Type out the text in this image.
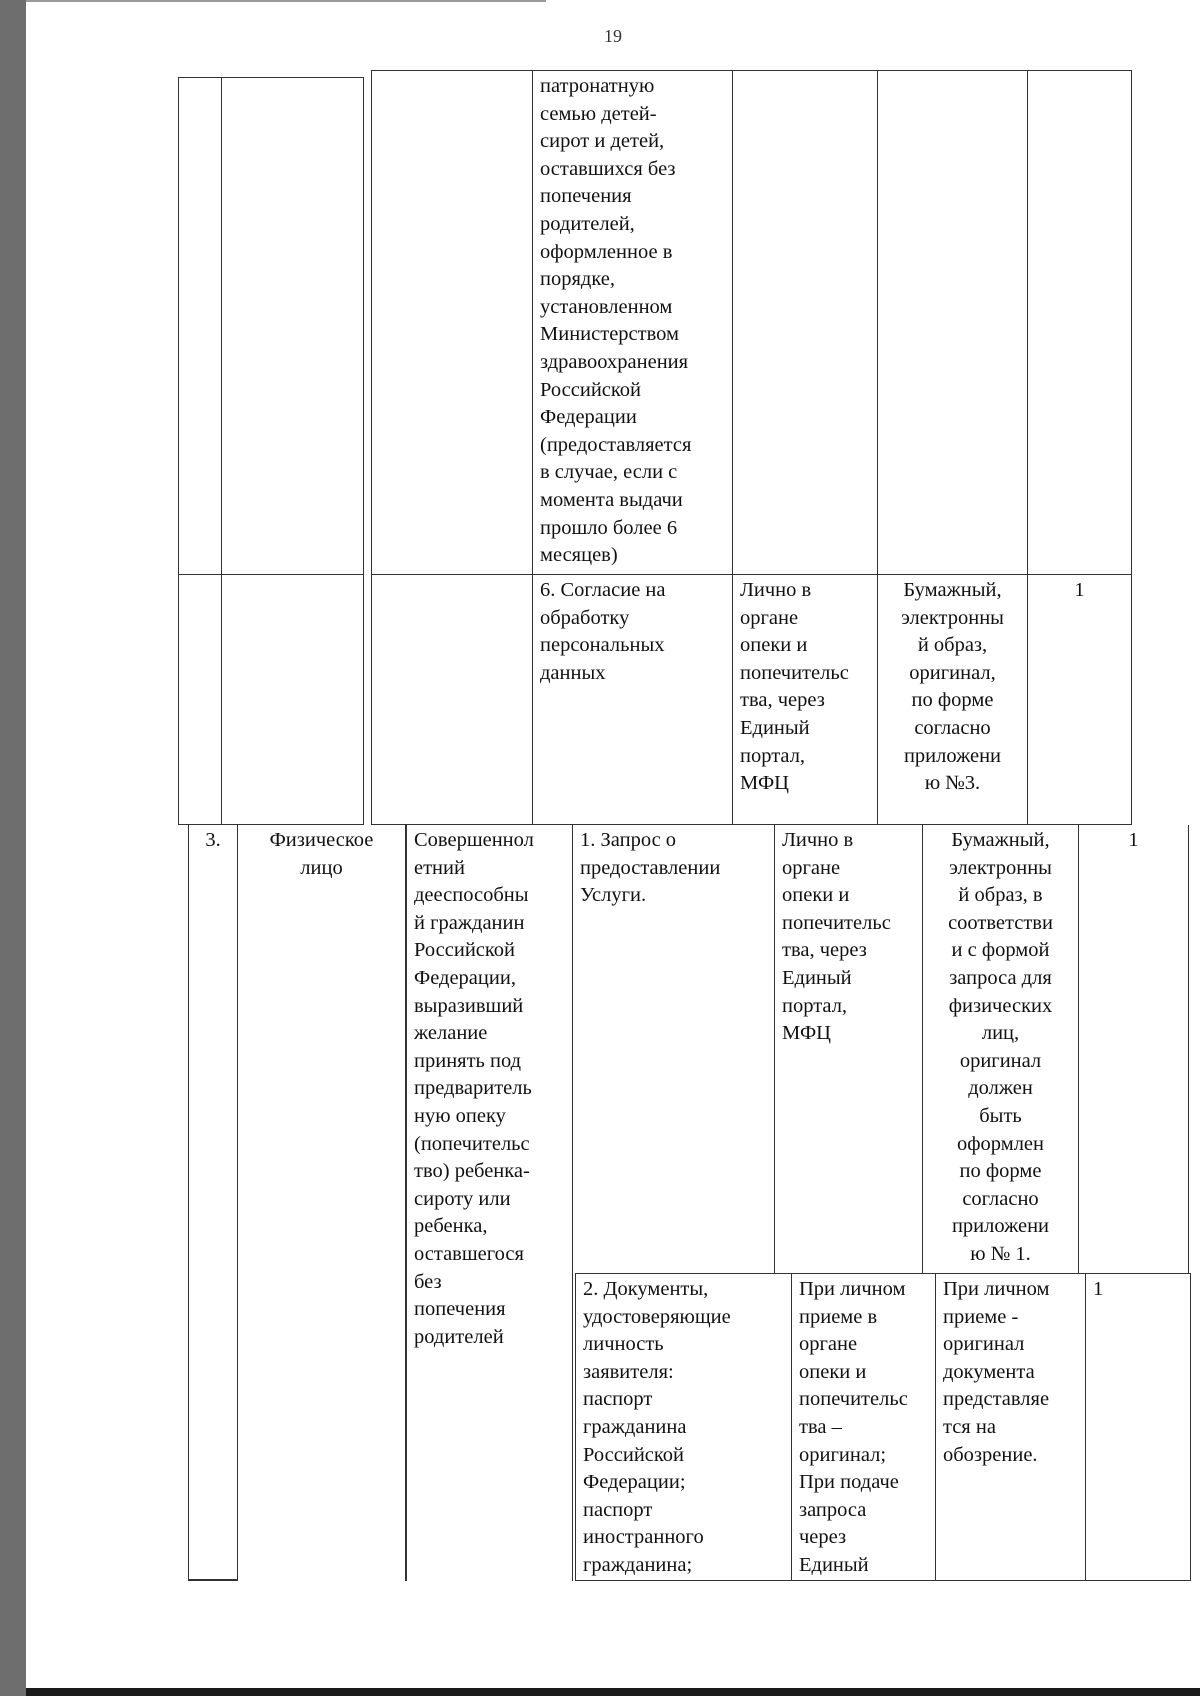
19
патронатную
семью детей-
сирот и детей,
оставшихся без
попечения
родителей,
оформленное в
порядке,
установленном
Министерством
здравоохранения
Российской
Федерации
(предоставляется
в случае, если с
момента выдачи
прошло более 6
месяцев)
6. Согласие на
обработку
персональных
данных
Лично в
органе
опеки и
попечительс
тва, через
Единый
портал,
МФЦ
Бумажный,
электронны
й образ,
оригинал,
по форме
согласно
приложени
ю №3.
1
3.	Физическое
лицо
Совершеннол
етний
дееспособны
й гражданин
Российской
Федерации,
выразивший
желание
принять под
предваритель
ную опеку
(попечительс
тво) ребенка-
сироту или
ребенка,
оставшегося
без
попечения
родителей
1. Запрос о
предоставлении
Услуги.
Лично в
органе
опеки и
попечительс
тва, через
Единый
портал,
МФЦ
Бумажный,
электронны
й образ, в
соответстви
и с формой
запроса для
физических
лиц,
оригинал
должен
быть
оформлен
по форме
согласно
приложени
ю № 1.
1
2. Документы,
удостоверяющие
личность
заявителя:
паспорт
гражданина
Российской
Федерации;
паспорт
иностранного
гражданина;
При личном
приеме в
органе
опеки и
попечительс
тва –
оригинал;
При подаче
запроса
через
Единый
При личном
приеме -
оригинал
документа
представляе
тся на
обозрение.
1
